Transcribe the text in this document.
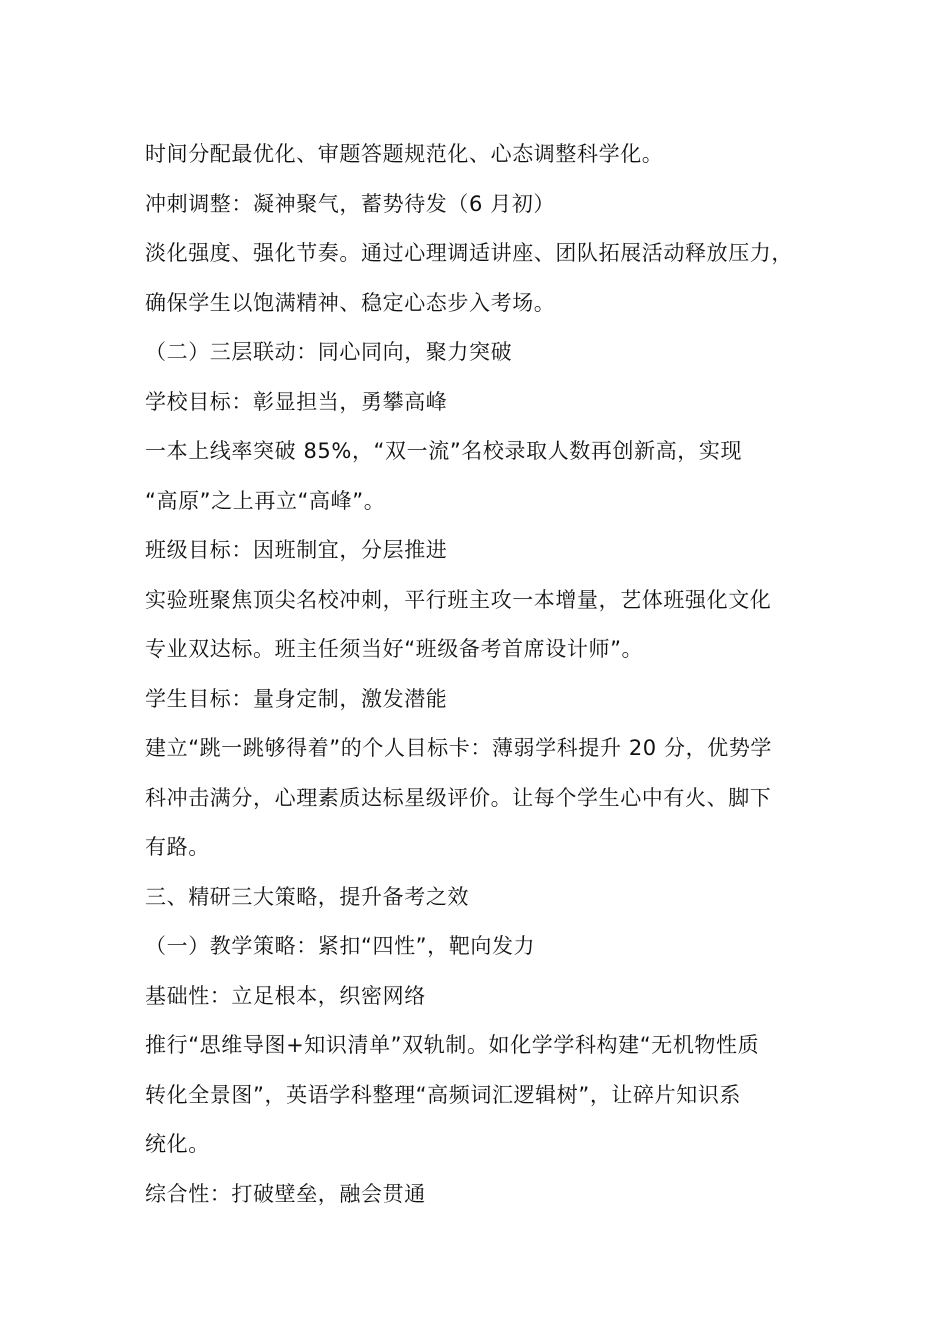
时间分配最优化、审题答题规范化、心态调整科学化。
冲刺调整：凝神聚气，蓄势待发（6 月初）
淡化强度、强化节奏。通过心理调适讲座、团队拓展活动释放压力，
确保学生以饱满精神、稳定心态步入考场。
（二）三层联动：同心同向，聚力突破
学校目标：彰显担当，勇攀高峰
一本上线率突破 85%，“双一流”名校录取人数再创新高，实现
“高原”之上再立“高峰”。
班级目标：因班制宜，分层推进
实验班聚焦顶尖名校冲刺，平行班主攻一本增量，艺体班强化文化
专业双达标。班主任须当好“班级备考首席设计师”。
学生目标：量身定制，激发潜能
建立“跳一跳够得着”的个人目标卡：薄弱学科提升 20 分，优势学
科冲击满分，心理素质达标星级评价。让每个学生心中有火、脚下
有路。
三、精研三大策略，提升备考之效
（一）教学策略：紧扣“四性”，靶向发力
基础性：立足根本，织密网络
推行“思维导图+知识清单”双轨制。如化学学科构建“无机物性质
转化全景图”，英语学科整理“高频词汇逻辑树”，让碎片知识系
统化。
综合性：打破壁垒，融会贯通
